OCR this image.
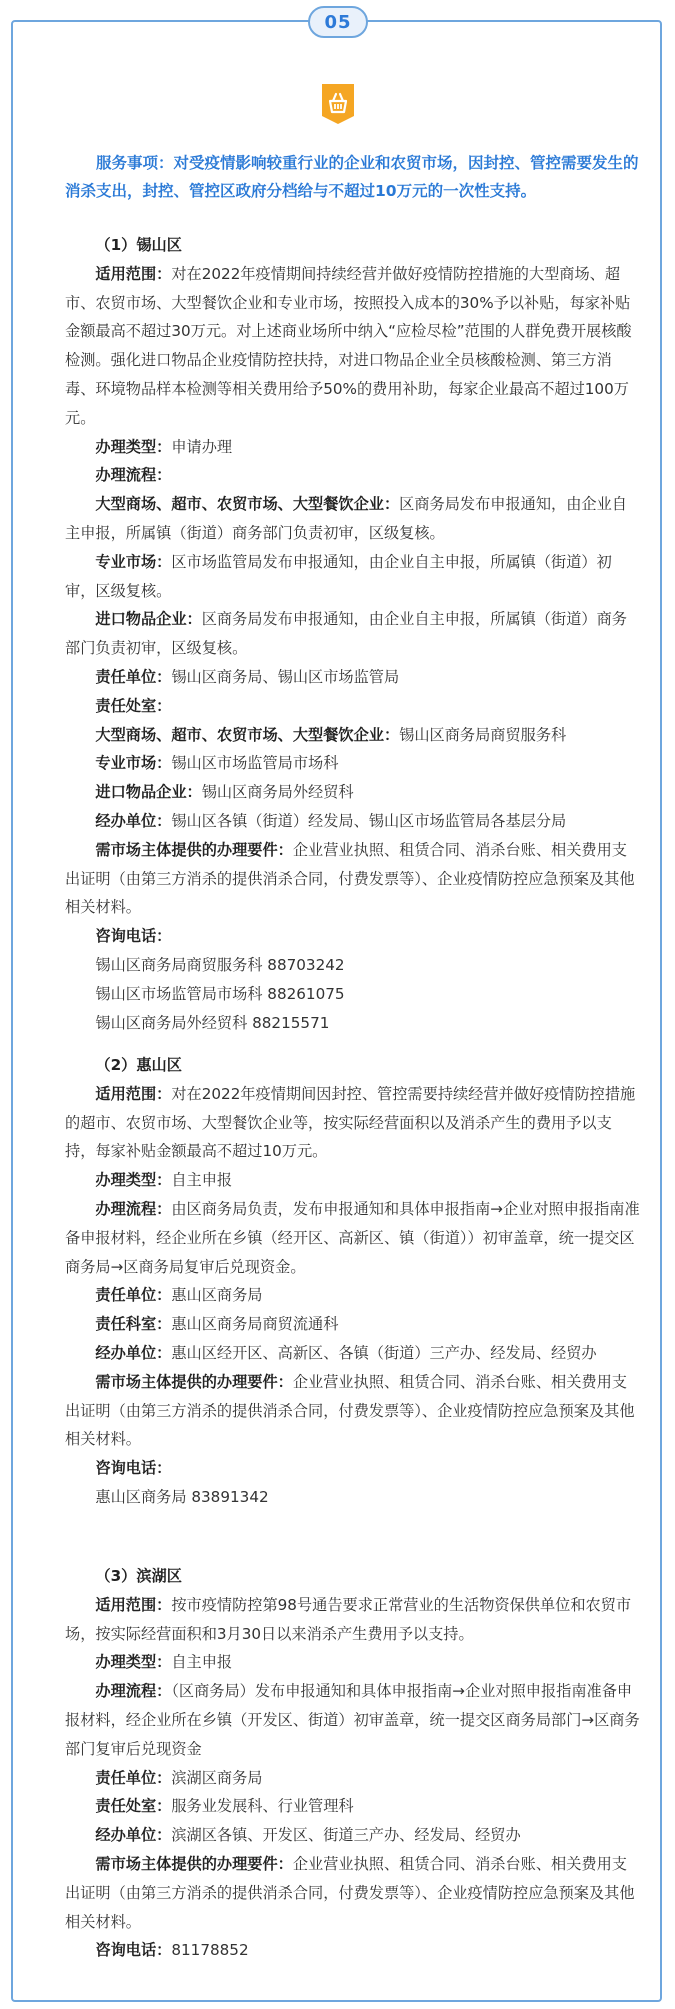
05

服务事项：对受疫情影响较重行业的企业和农贸市场，因封控、管控需要发生的消杀支出，封控、管控区政府分档给与不超过10万元的一次性支持。

（1）锡山区

适用范围：对在2022年疫情期间持续经营并做好疫情防控措施的大型商场、超市、农贸市场、大型餐饮企业和专业市场，按照投入成本的30%予以补贴，每家补贴金额最高不超过30万元。对上述商业场所中纳入“应检尽检”范围的人群免费开展核酸检测。强化进口物品企业疫情防控扶持，对进口物品企业全员核酸检测、第三方消毒、环境物品样本检测等相关费用给予50%的费用补助，每家企业最高不超过100万元。

办理类型：申请办理

办理流程：

大型商场、超市、农贸市场、大型餐饮企业：区商务局发布申报通知，由企业自主申报，所属镇（街道）商务部门负责初审，区级复核。

专业市场：区市场监管局发布申报通知，由企业自主申报，所属镇（街道）初审，区级复核。

进口物品企业：区商务局发布申报通知，由企业自主申报，所属镇（街道）商务部门负责初审，区级复核。

责任单位：锡山区商务局、锡山区市场监管局

责任处室：

大型商场、超市、农贸市场、大型餐饮企业：锡山区商务局商贸服务科

专业市场：锡山区市场监管局市场科

进口物品企业：锡山区商务局外经贸科

经办单位：锡山区各镇（街道）经发局、锡山区市场监管局各基层分局

需市场主体提供的办理要件：企业营业执照、租赁合同、消杀台账、相关费用支出证明（由第三方消杀的提供消杀合同，付费发票等）、企业疫情防控应急预案及其他相关材料。

咨询电话：

锡山区商务局商贸服务科 88703242

锡山区市场监管局市场科 88261075

锡山区商务局外经贸科 88215571

（2）惠山区

适用范围：对在2022年疫情期间因封控、管控需要持续经营并做好疫情防控措施的超市、农贸市场、大型餐饮企业等，按实际经营面积以及消杀产生的费用予以支持，每家补贴金额最高不超过10万元。

办理类型：自主申报

办理流程：由区商务局负责，发布申报通知和具体申报指南→企业对照申报指南准备申报材料，经企业所在乡镇（经开区、高新区、镇（街道））初审盖章，统一提交区商务局→区商务局复审后兑现资金。

责任单位：惠山区商务局

责任科室：惠山区商务局商贸流通科

经办单位：惠山区经开区、高新区、各镇（街道）三产办、经发局、经贸办

需市场主体提供的办理要件：企业营业执照、租赁合同、消杀台账、相关费用支出证明（由第三方消杀的提供消杀合同，付费发票等）、企业疫情防控应急预案及其他相关材料。

咨询电话：

惠山区商务局 83891342

（3）滨湖区

适用范围：按市疫情防控第98号通告要求正常营业的生活物资保供单位和农贸市场，按实际经营面积和3月30日以来消杀产生费用予以支持。

办理类型：自主申报

办理流程：（区商务局）发布申报通知和具体申报指南→企业对照申报指南准备申报材料，经企业所在乡镇（开发区、街道）初审盖章，统一提交区商务局部门→区商务部门复审后兑现资金

责任单位：滨湖区商务局

责任处室：服务业发展科、行业管理科

经办单位：滨湖区各镇、开发区、街道三产办、经发局、经贸办

需市场主体提供的办理要件：企业营业执照、租赁合同、消杀台账、相关费用支出证明（由第三方消杀的提供消杀合同，付费发票等）、企业疫情防控应急预案及其他相关材料。

咨询电话：81178852
